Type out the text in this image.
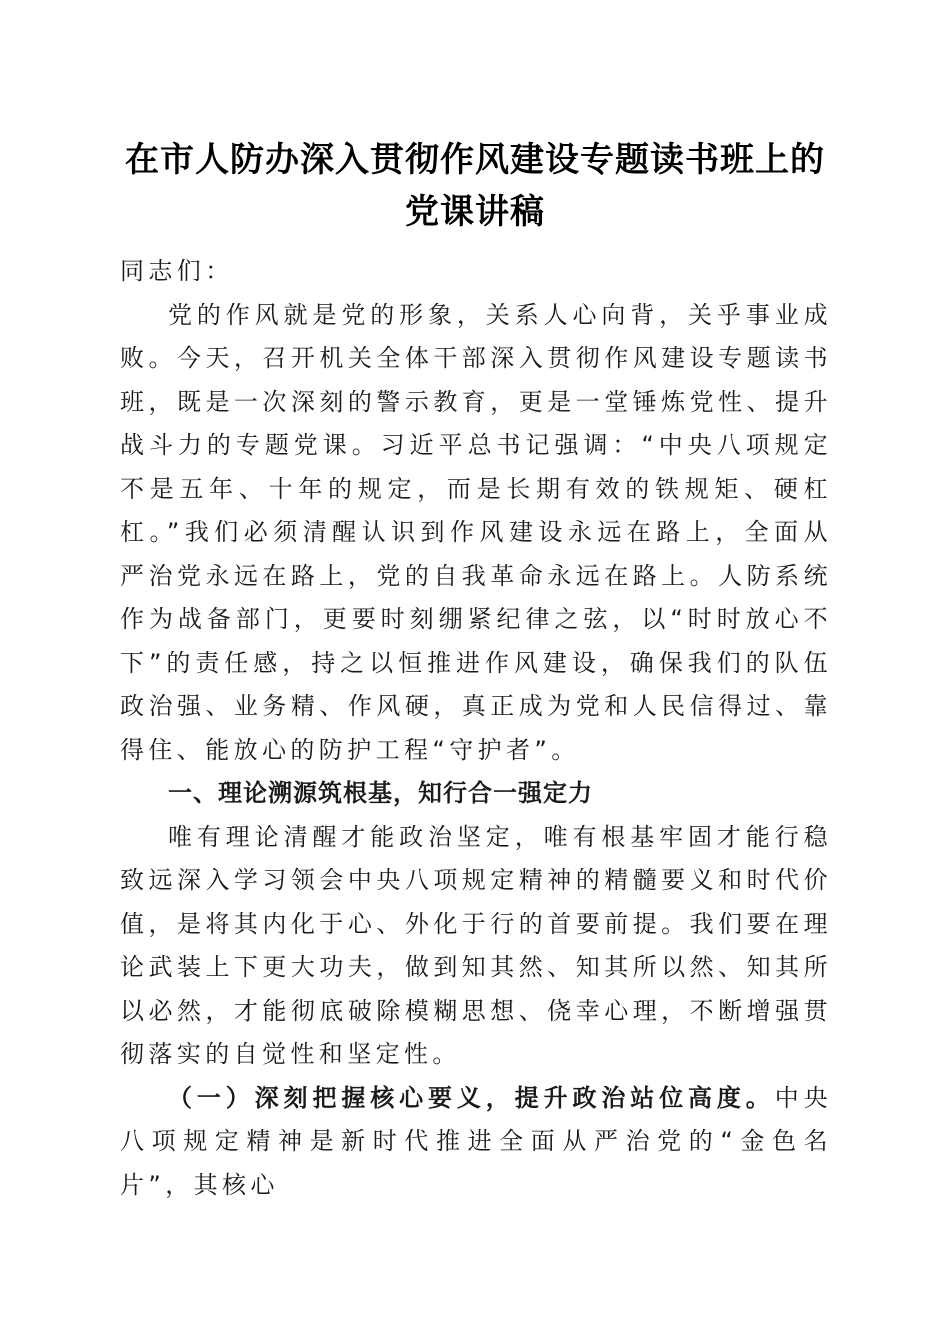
在市人防办深入贯彻作风建设专题读书班上的
党课讲稿

同志们：

党的作风就是党的形象，关系人心向背，关乎事业成败。今天，召开机关全体干部深入贯彻作风建设专题读书班，既是一次深刻的警示教育，更是一堂锤炼党性、提升战斗力的专题党课。习近平总书记强调：“中央八项规定不是五年、十年的规定，而是长期有效的铁规矩、硬杠杠。”我们必须清醒认识到作风建设永远在路上，全面从严治党永远在路上，党的自我革命永远在路上。人防系统作为战备部门，更要时刻绷紧纪律之弦，以“时时放心不下”的责任感，持之以恒推进作风建设，确保我们的队伍政治强、业务精、作风硬，真正成为党和人民信得过、靠得住、能放心的防护工程“守护者”。

一、理论溯源筑根基，知行合一强定力

唯有理论清醒才能政治坚定，唯有根基牢固才能行稳致远深入学习领会中央八项规定精神的精髓要义和时代价值，是将其内化于心、外化于行的首要前提。我们要在理论武装上下更大功夫，做到知其然、知其所以然、知其所以必然，才能彻底破除模糊思想、侥幸心理，不断增强贯彻落实的自觉性和坚定性。

（一）深刻把握核心要义，提升政治站位高度。中央八项规定精神是新时代推进全面从严治党的“金色名片”，其核心
